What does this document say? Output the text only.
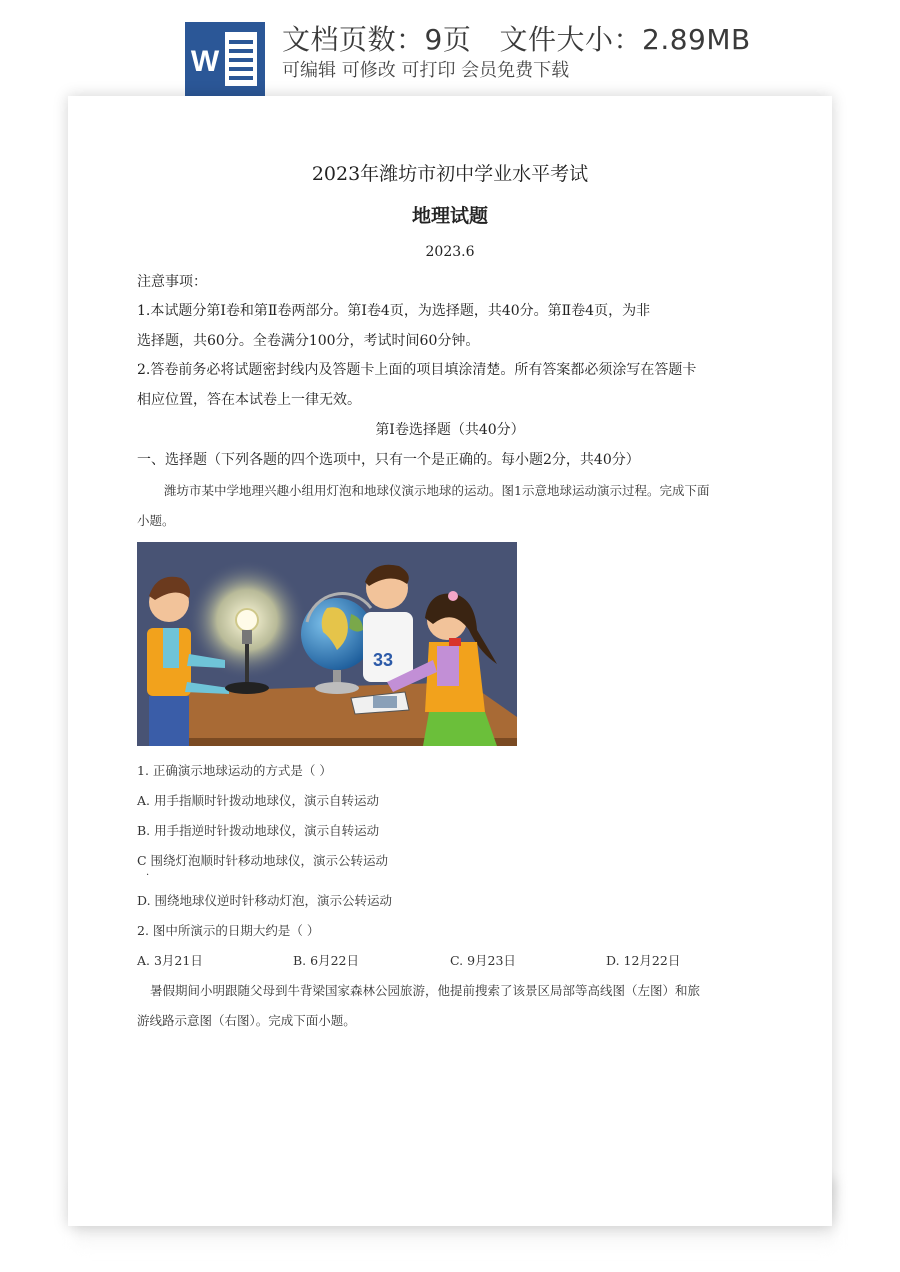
W
文档页数：9页   文件大小：2.89MB
可编辑 可修改 可打印 会员免费下载
2023年潍坊市初中学业水平考试
地理试题
2023.6
注意事项：
1.本试题分第Ⅰ卷和第Ⅱ卷两部分。第Ⅰ卷4页，为选择题，共40分。第Ⅱ卷4页，为非
选择题，共60分。全卷满分100分，考试时间60分钟。
2.答卷前务必将试题密封线内及答题卡上面的项目填涂清楚。所有答案都必须涂写在答题卡
相应位置，答在本试卷上一律无效。
第Ⅰ卷选择题（共40分）
一、选择题（下列各题的四个选项中，只有一个是正确的。每小题2分，共40分）
潍坊市某中学地理兴趣小组用灯泡和地球仪演示地球的运动。图1示意地球运动演示过程。完成下面
小题。
33
1. 正确演示地球运动的方式是（ ）
A. 用手指顺时针拨动地球仪，演示自转运动
B. 用手指逆时针拨动地球仪，演示自转运动
C 围绕灯泡顺时针移动地球仪，演示公转运动
.
D. 围绕地球仪逆时针移动灯泡，演示公转运动
2. 图中所演示的日期大约是（ ）
A. 3月21日	B. 6月22日	C. 9月23日	D. 12月22日
暑假期间小明跟随父母到牛背梁国家森林公园旅游，他提前搜索了该景区局部等高线图（左图）和旅
游线路示意图（右图）。完成下面小题。
